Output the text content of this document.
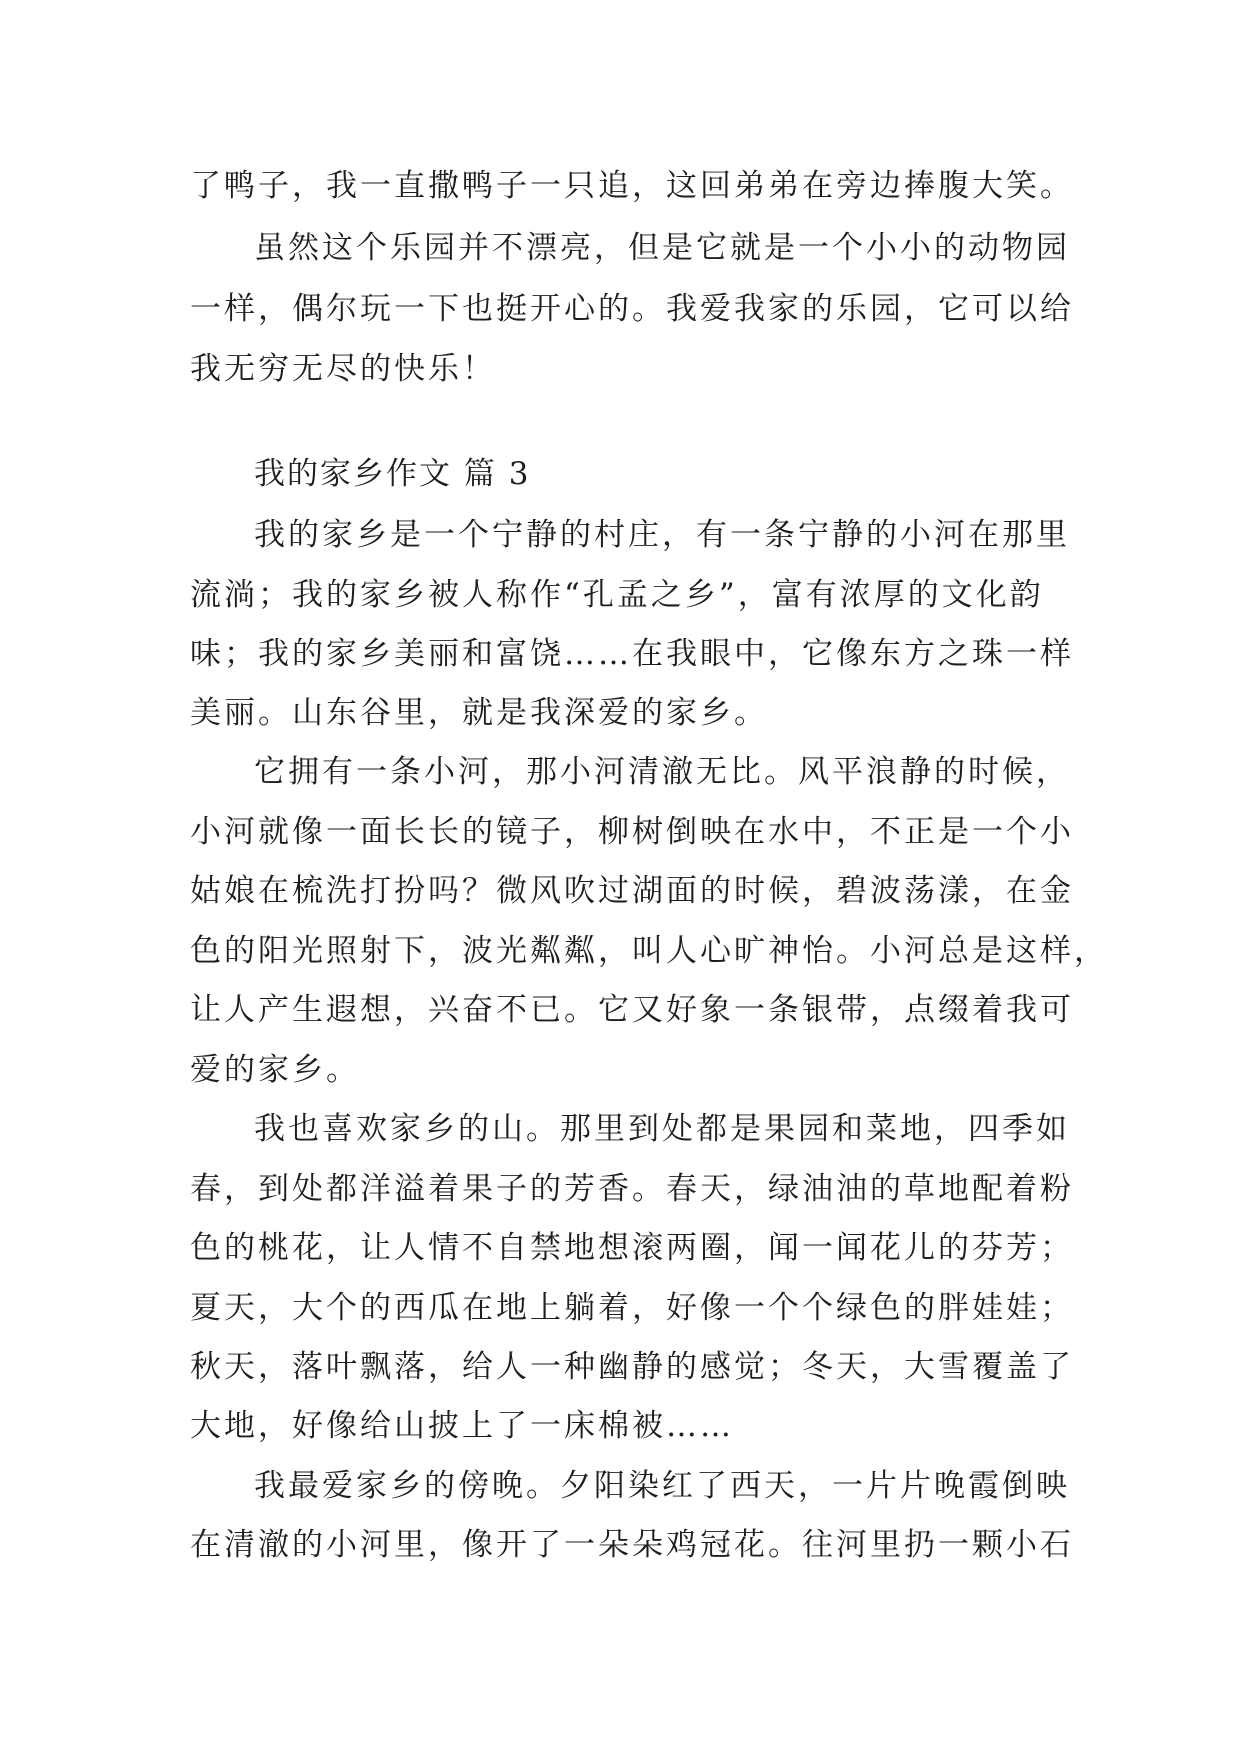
了鸭子，我一直撒鸭子一只追，这回弟弟在旁边捧腹大笑。
虽然这个乐园并不漂亮，但是它就是一个小小的动物园
一样，偶尔玩一下也挺开心的。我爱我家的乐园，它可以给
我无穷无尽的快乐！
我的家乡作文 篇 3
我的家乡是一个宁静的村庄，有一条宁静的小河在那里
流淌；我的家乡被人称作“孔孟之乡”，富有浓厚的文化韵
味；我的家乡美丽和富饶……在我眼中，它像东方之珠一样
美丽。山东谷里，就是我深爱的家乡。
它拥有一条小河，那小河清澈无比。风平浪静的时候，
小河就像一面长长的镜子，柳树倒映在水中，不正是一个小
姑娘在梳洗打扮吗？微风吹过湖面的时候，碧波荡漾，在金
色的阳光照射下，波光粼粼，叫人心旷神怡。小河总是这样，
让人产生遐想，兴奋不已。它又好象一条银带，点缀着我可
爱的家乡。
我也喜欢家乡的山。那里到处都是果园和菜地，四季如
春，到处都洋溢着果子的芳香。春天，绿油油的草地配着粉
色的桃花，让人情不自禁地想滚两圈，闻一闻花儿的芬芳；
夏天，大个的西瓜在地上躺着，好像一个个绿色的胖娃娃；
秋天，落叶飘落，给人一种幽静的感觉；冬天，大雪覆盖了
大地，好像给山披上了一床棉被……
我最爱家乡的傍晚。夕阳染红了西天，一片片晚霞倒映
在清澈的小河里，像开了一朵朵鸡冠花。往河里扔一颗小石
